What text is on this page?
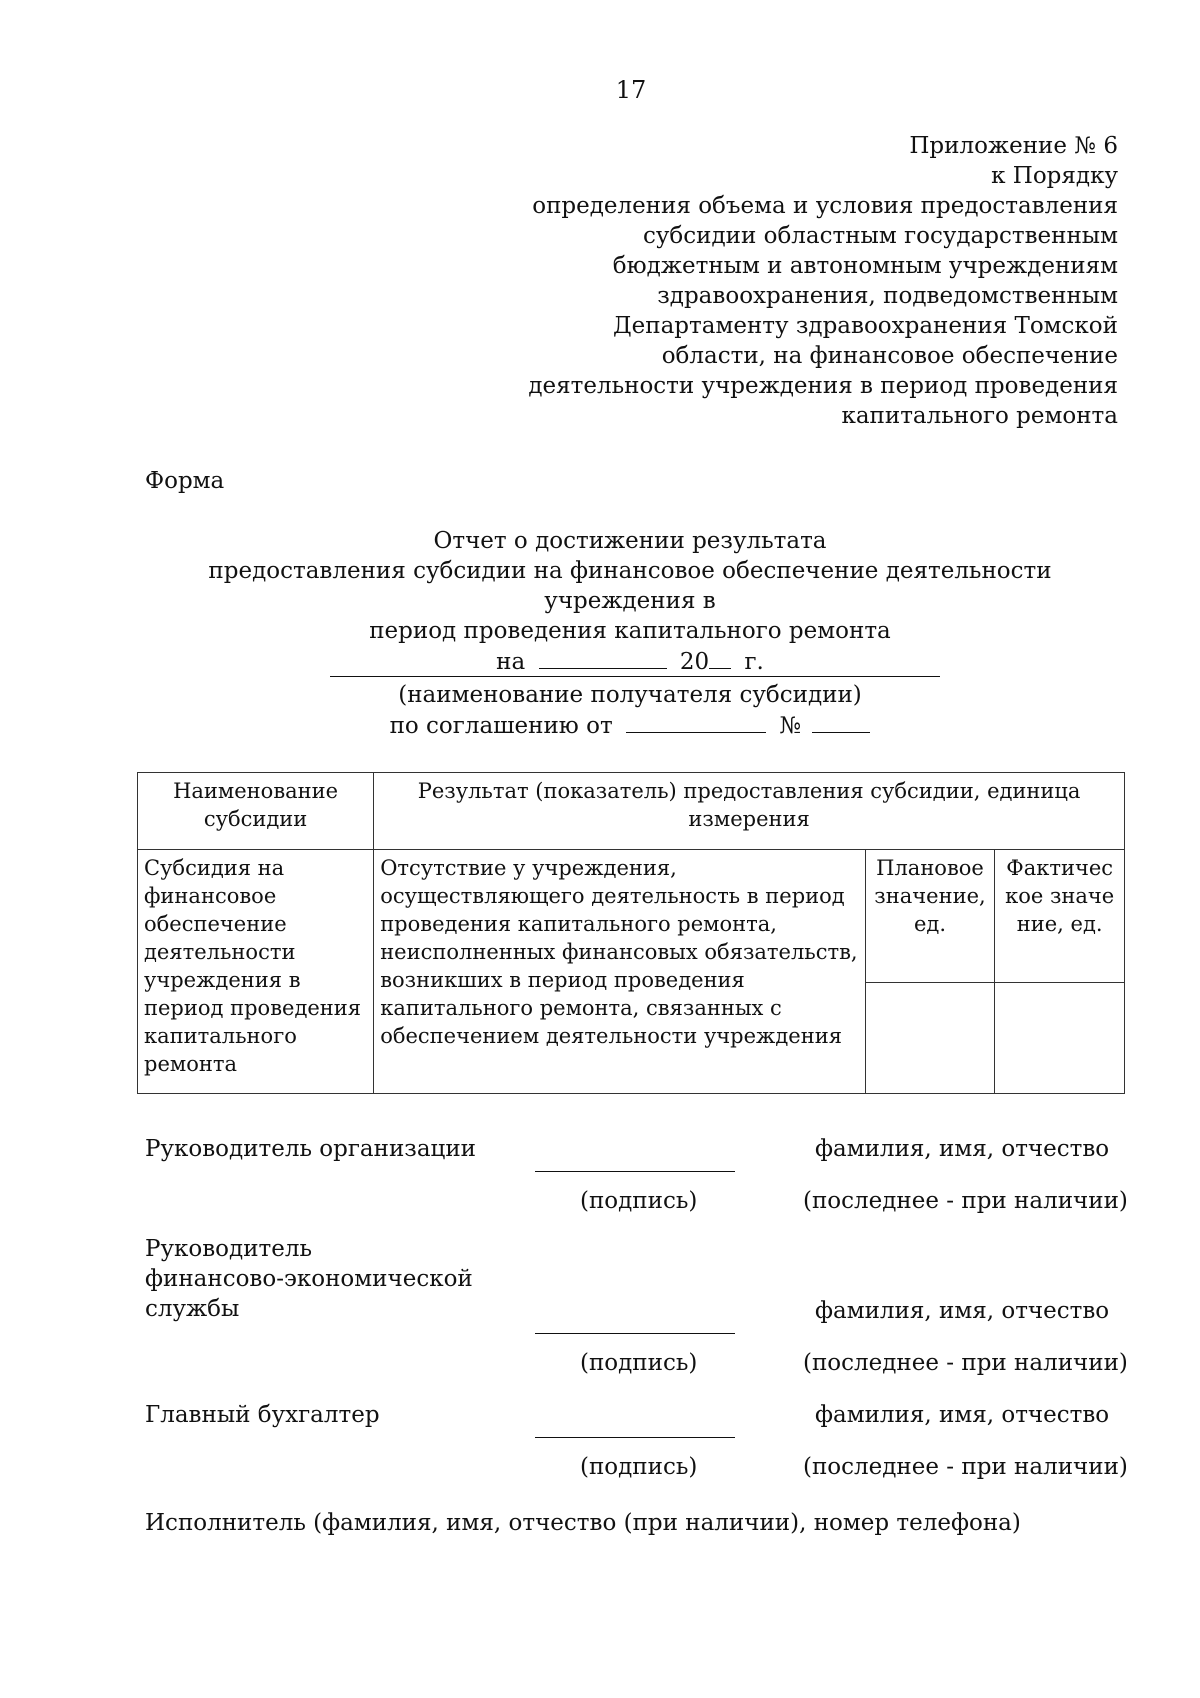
17
Приложение № 6
к Порядку
определения объема и условия предоставления
субсидии областным государственным
бюджетным и автономным учреждениям
здравоохранения, подведомственным
Департаменту здравоохранения Томской
области, на финансовое обеспечение
деятельности учреждения в период проведения
капитального ремонта
Форма
Отчет о достижении результата
предоставления субсидии на финансовое обеспечение деятельности учреждения в
период проведения капитального ремонта
на	20 г.
(наименование получателя субсидии)
по соглашению от	№
Наименование субсидии	Результат (показатель) предоставления субсидии, единица измерения		
Субсидия на финансовое обеспечение деятельности учреждения в период проведения капитального ремонта	Отсутствие у учреждения, осуществляющего деятельность в период проведения капитального ремонта, неисполненных финансовых обязательств, возникших в период проведения капитального ремонта, связанных с обеспечением деятельности учреждения	Плановое значение, ед.	Фактическое значение, ед.

Руководитель организации	фамилия, имя, отчество
(подпись)	(последнее - при наличии)
Руководитель
финансово-экономической
службы	фамилия, имя, отчество
(подпись)	(последнее - при наличии)
Главный бухгалтер	фамилия, имя, отчество
(подпись)	(последнее - при наличии)
Исполнитель (фамилия, имя, отчество (при наличии), номер телефона)
